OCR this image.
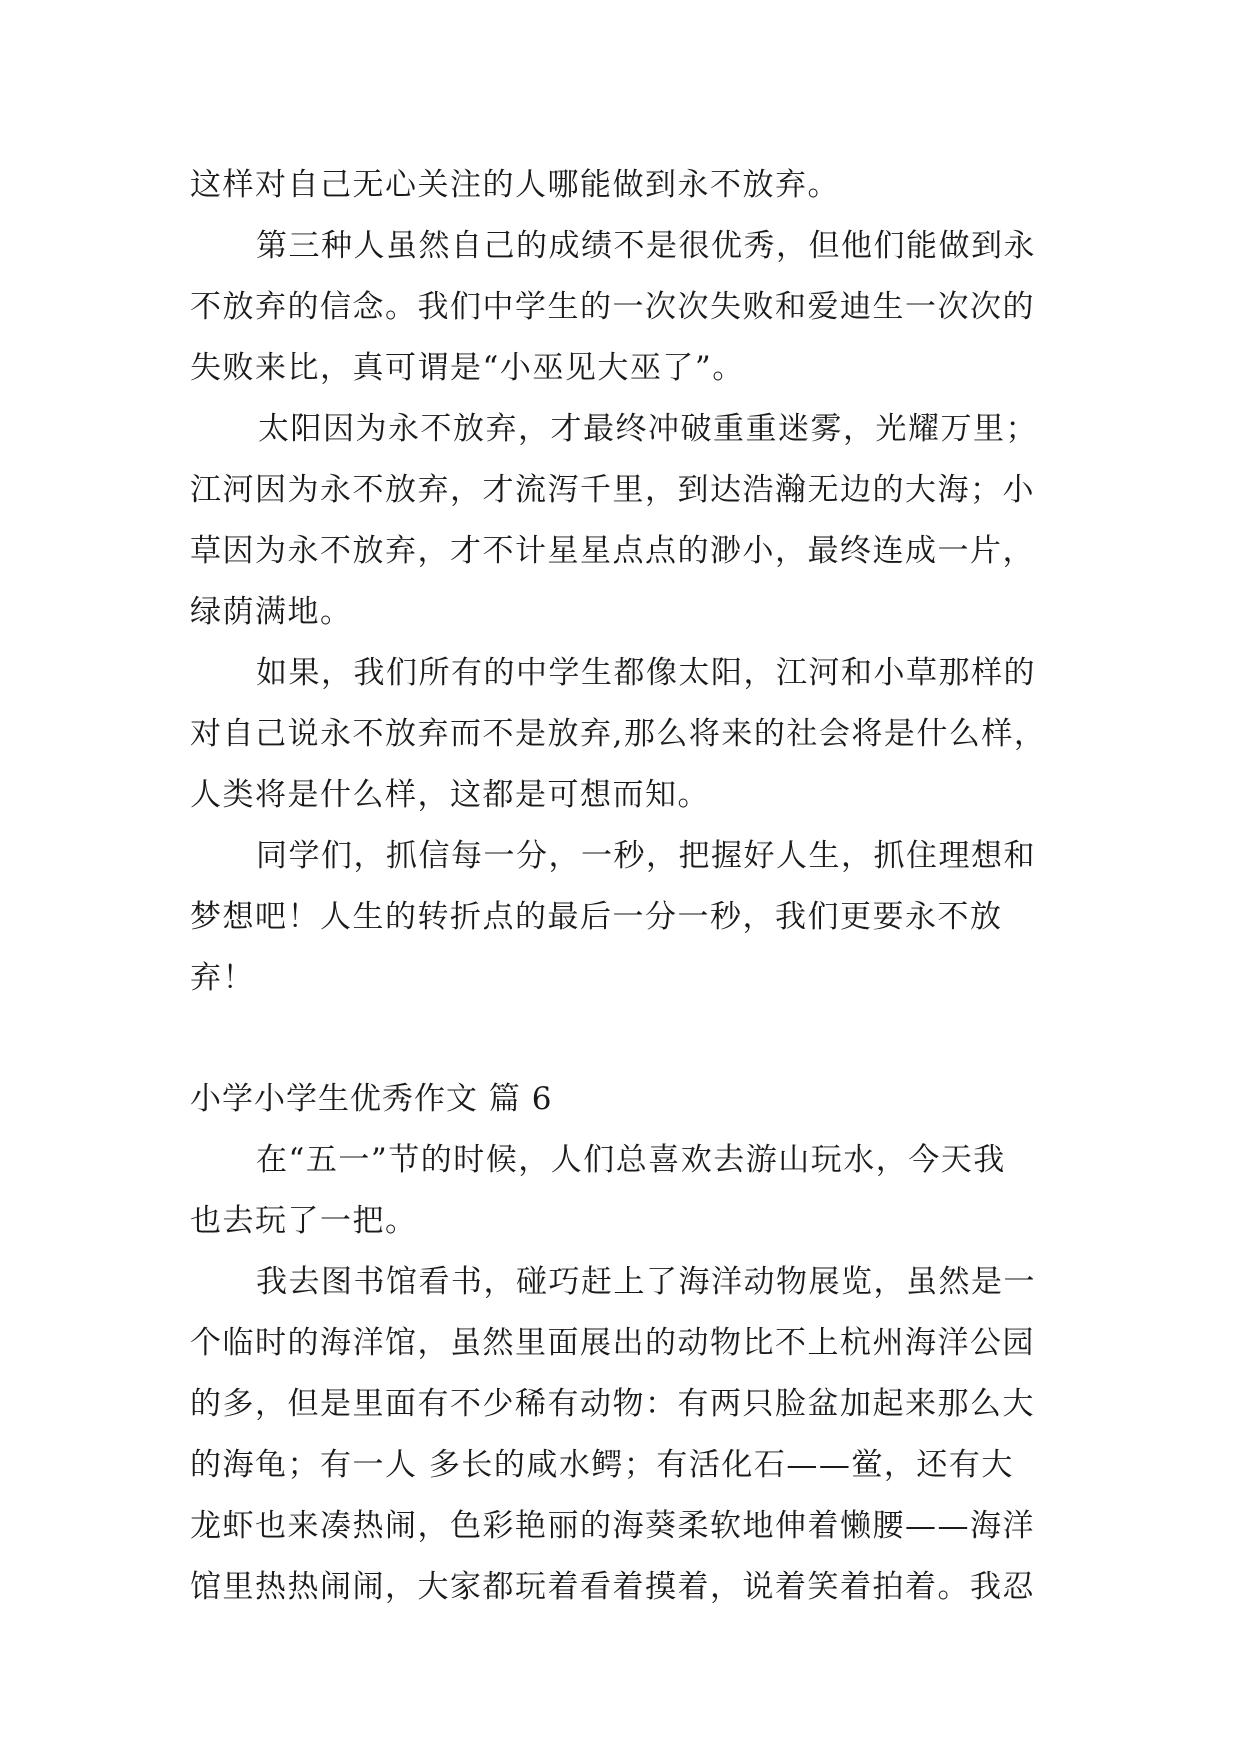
这样对自己无心关注的人哪能做到永不放弃。
第三种人虽然自己的成绩不是很优秀，但他们能做到永
不放弃的信念。我们中学生的一次次失败和爱迪生一次次的
失败来比，真可谓是“小巫见大巫了”。
太阳因为永不放弃，才最终冲破重重迷雾，光耀万里；
江河因为永不放弃，才流泻千里，到达浩瀚无边的大海；小
草因为永不放弃，才不计星星点点的渺小，最终连成一片，
绿荫满地。
如果，我们所有的中学生都像太阳，江河和小草那样的
对自己说永不放弃而不是放弃,那么将来的社会将是什么样，
人类将是什么样，这都是可想而知。
同学们，抓信每一分，一秒，把握好人生，抓住理想和
梦想吧！人生的转折点的最后一分一秒，我们更要永不放
弃！
小学小学生优秀作文 篇 6
在“五一”节的时候，人们总喜欢去游山玩水，今天我
也去玩了一把。
我去图书馆看书，碰巧赶上了海洋动物展览，虽然是一
个临时的海洋馆，虽然里面展出的动物比不上杭州海洋公园
的多，但是里面有不少稀有动物：有两只脸盆加起来那么大
的海龟；有一人 多长的咸水鳄；有活化石——鲎，还有大
龙虾也来凑热闹，色彩艳丽的海葵柔软地伸着懒腰——海洋
馆里热热闹闹，大家都玩着看着摸着，说着笑着拍着。我忍
